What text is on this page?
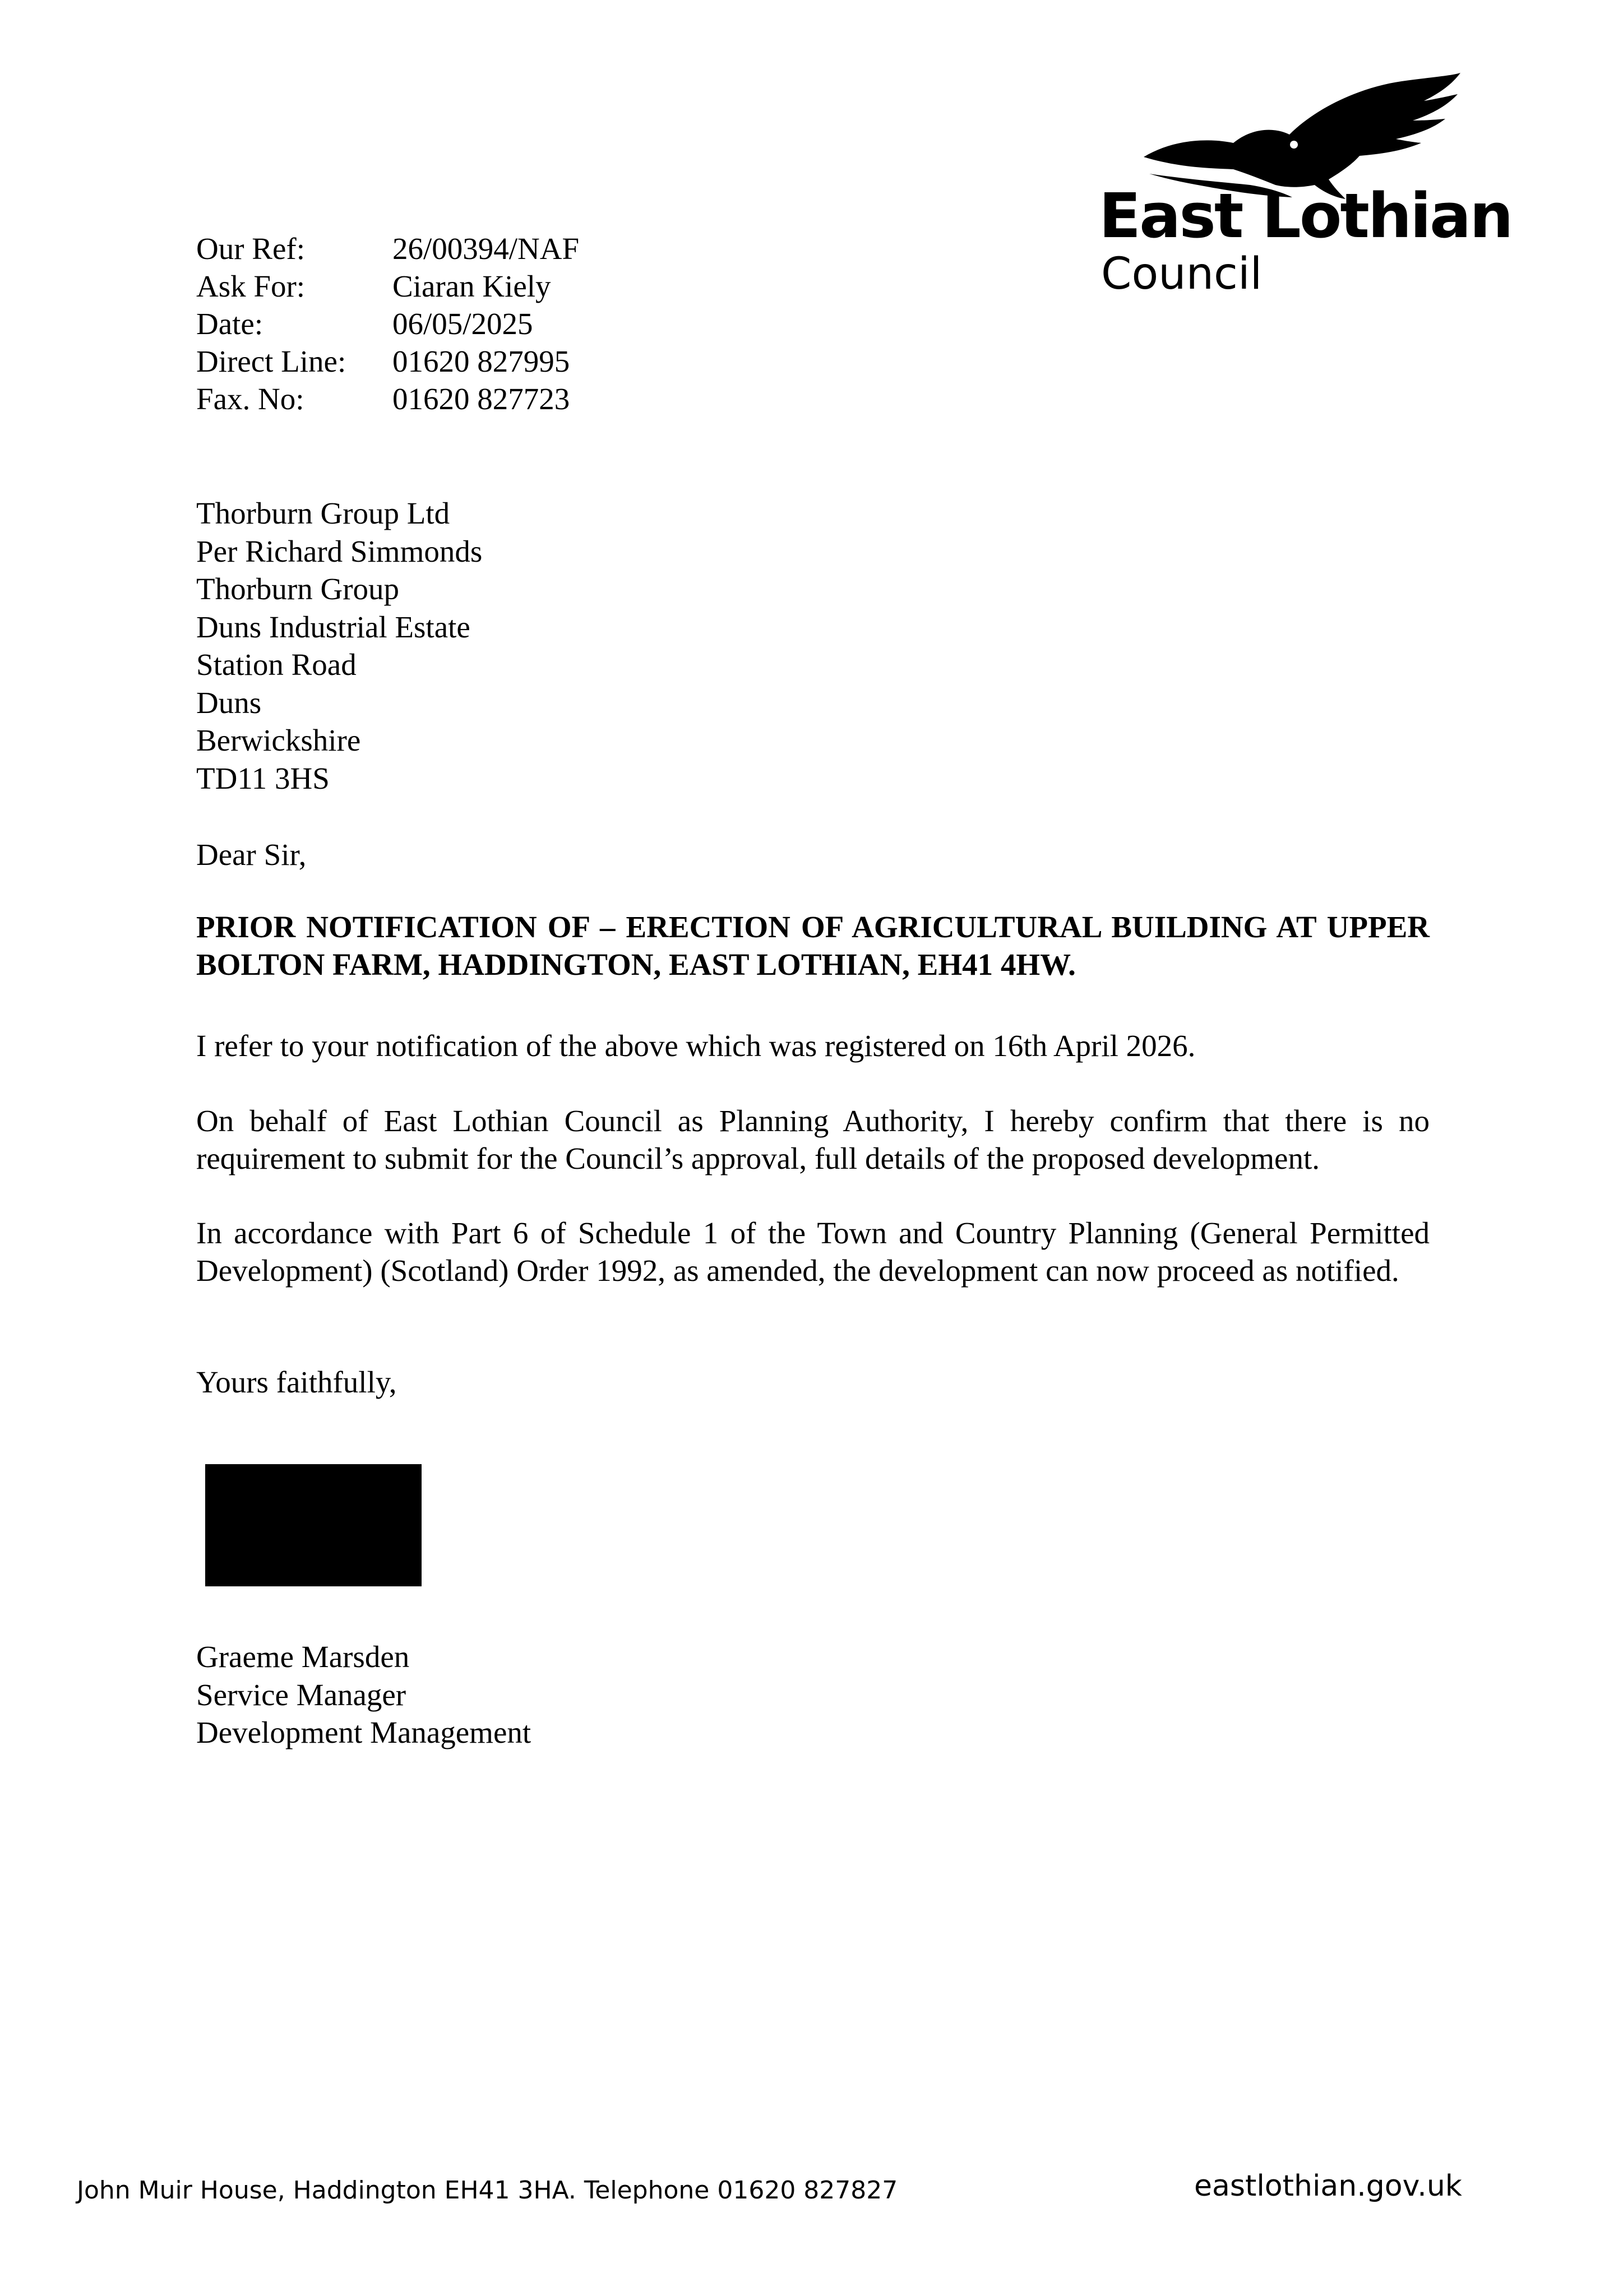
East Lothian
Council
Our Ref:	26/00394/NAF
Ask For:	Ciaran Kiely
Date:	06/05/2025
Direct Line:	01620 827995
Fax. No:	01620 827723
Thorburn Group Ltd
Per Richard Simmonds
Thorburn Group
Duns Industrial Estate
Station Road
Duns
Berwickshire
TD11 3HS
Dear Sir,
PRIOR NOTIFICATION OF – ERECTION OF AGRICULTURAL BUILDING AT UPPER BOLTON FARM, HADDINGTON, EAST LOTHIAN, EH41 4HW.
I refer to your notification of the above which was registered on 16th April 2026.
On behalf of East Lothian Council as Planning Authority, I hereby confirm that there is no requirement to submit for the Council’s approval, full details of the proposed development.
In accordance with Part 6 of Schedule 1 of the Town and Country Planning (General Permitted Development) (Scotland) Order 1992, as amended, the development can now proceed as notified.
Yours faithfully,
Graeme Marsden
Service Manager
Development Management
John Muir House, Haddington EH41 3HA. Telephone 01620 827827	eastlothian.gov.uk
